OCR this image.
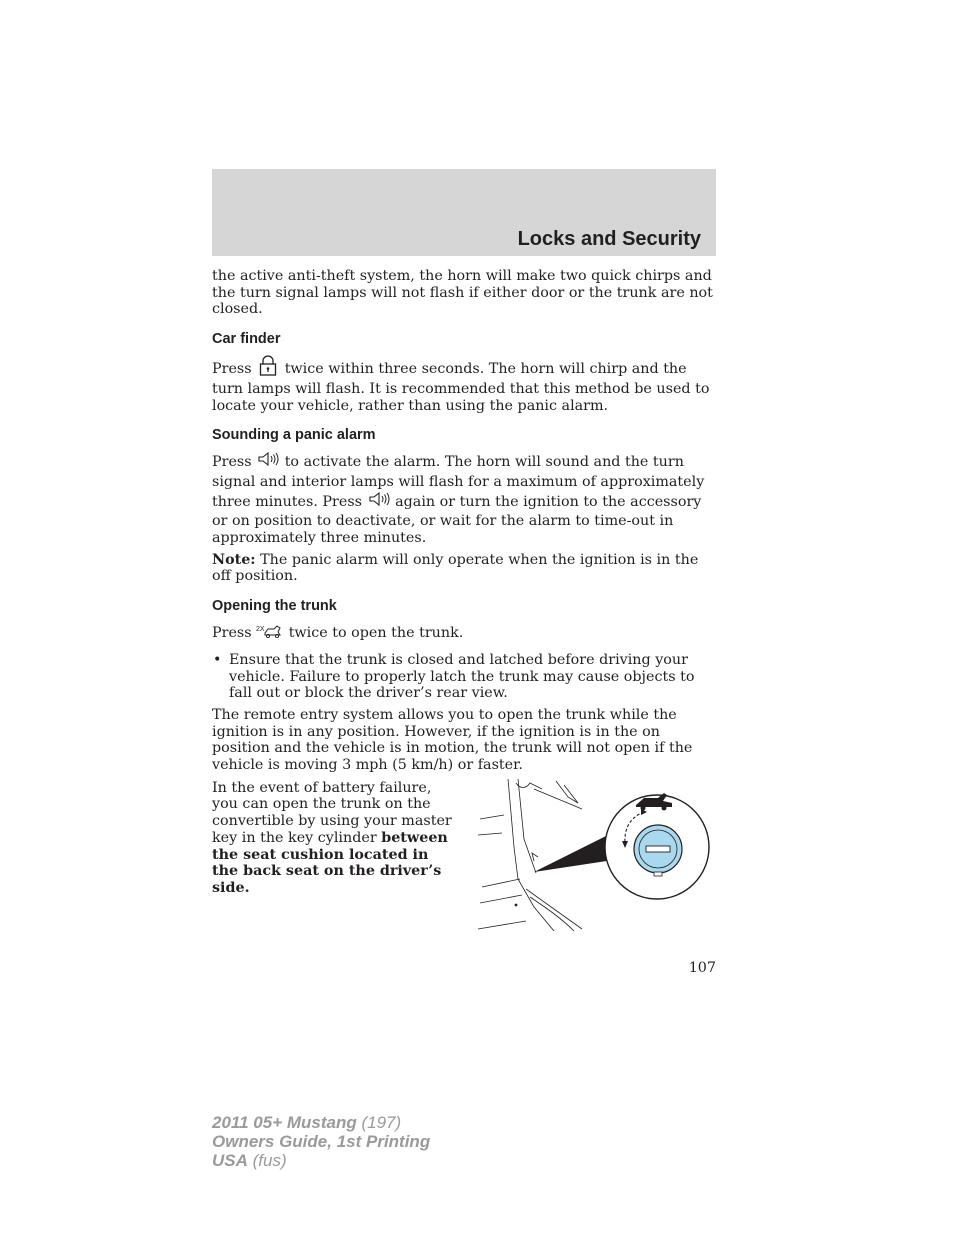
Locks and Security

the active anti-theft system, the horn will make two quick chirps and the turn signal lamps will not flash if either door or the trunk are not closed.

Car finder

Press twice within three seconds. The horn will chirp and the turn lamps will flash. It is recommended that this method be used to locate your vehicle, rather than using the panic alarm.

Sounding a panic alarm

Press to activate the alarm. The horn will sound and the turn signal and interior lamps will flash for a maximum of approximately three minutes. Press again or turn the ignition to the accessory or on position to deactivate, or wait for the alarm to time-out in approximately three minutes.

Note: The panic alarm will only operate when the ignition is in the off position.

Opening the trunk

Press 2X twice to open the trunk.

• Ensure that the trunk is closed and latched before driving your vehicle. Failure to properly latch the trunk may cause objects to fall out or block the driver’s rear view.

The remote entry system allows you to open the trunk while the ignition is in any position. However, if the ignition is in the on position and the vehicle is in motion, the trunk will not open if the vehicle is moving 3 mph (5 km/h) or faster.

In the event of battery failure, you can open the trunk on the convertible by using your master key in the key cylinder between the seat cushion located in the back seat on the driver’s side.

107
2011 05+ Mustang (197)
Owners Guide, 1st Printing
USA (fus)
